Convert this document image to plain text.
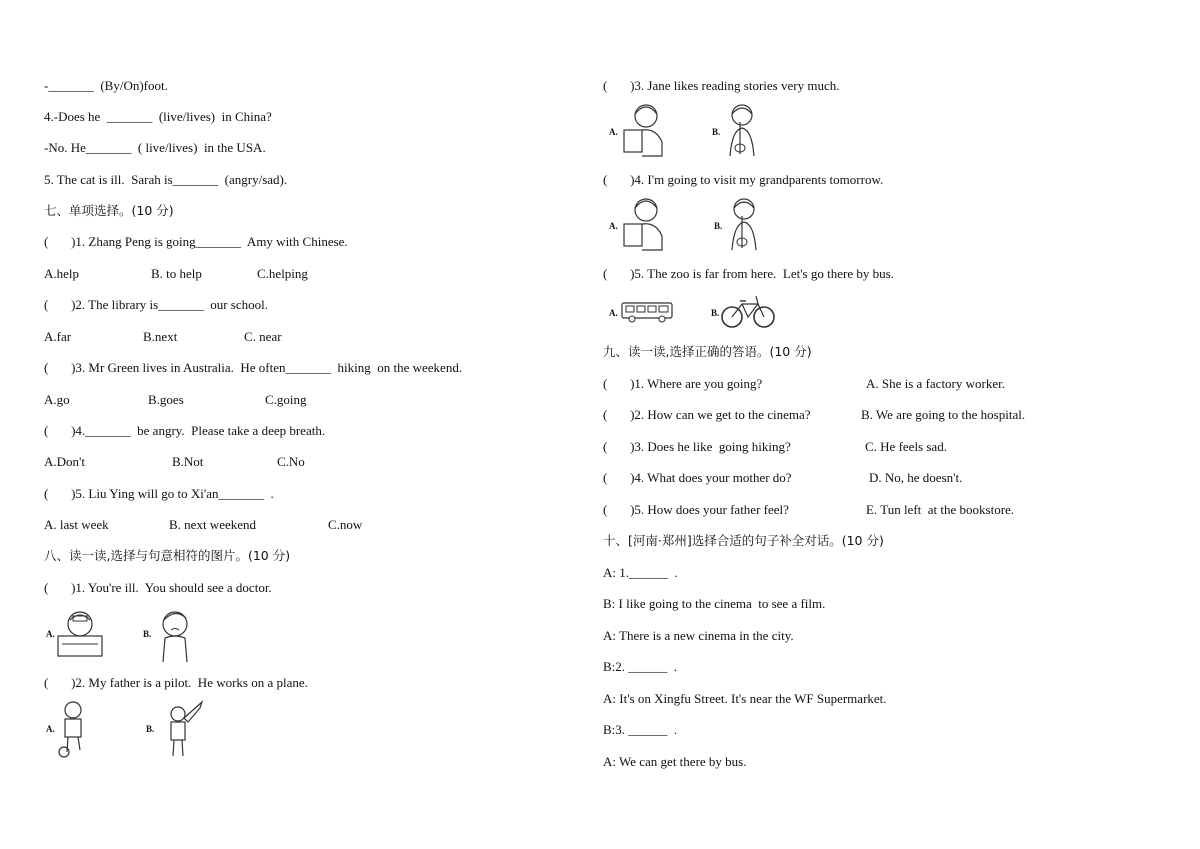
-_______  (By/On)foot.
4.-Does he  _______  (live/lives)  in China?
-No. He_______  ( live/lives)  in the USA.
5. The cat is ill.  Sarah is_______  (angry/sad).
七、单项选择。(10 分)
(       )1. Zhang Peng is going_______  Amy with Chinese.
A.help	B. to help	C.helping
(       )2. The library is_______  our school.
A.far	B.next	C. near
(       )3. Mr Green lives in Australia.  He often_______  hiking  on the weekend.
A.go	B.goes	C.going
(       )4._______  be angry.  Please take a deep breath.
A.Don't	B.Not	C.No
(       )5. Liu Ying will go to Xi'an_______  .
A. last week	B. next weekend	C.now
八、读一读,选择与句意相符的图片。(10 分)
(       )1. You're ill.  You should see a doctor.
A.	B.
(       )2. My father is a pilot.  He works on a plane.
A.	B.
(       )3. Jane likes reading stories very much.
A.	B.
(       )4. I'm going to visit my grandparents tomorrow.
A.	B.
(       )5. The zoo is far from here.  Let's go there by bus.
A.	B.
九、读一读,选择正确的答语。(10 分)
(       )1. Where are you going?	A. She is a factory worker.
(       )2. How can we get to the cinema?	B. We are going to the hospital.
(       )3. Does he like  going hiking?	C. He feels sad.
(       )4. What does your mother do?	D. No, he doesn't.
(       )5. How does your father feel?	E. Tun left  at the bookstore.
十、[河南·郑州]选择合适的句子补全对话。(10 分)
A: 1.______  .
B: I like going to the cinema  to see a film.
A: There is a new cinema in the city.
B:2. ______  .
A: It's on Xingfu Street. It's near the WF Supermarket.
B:3. ______  .
A: We can get there by bus.
